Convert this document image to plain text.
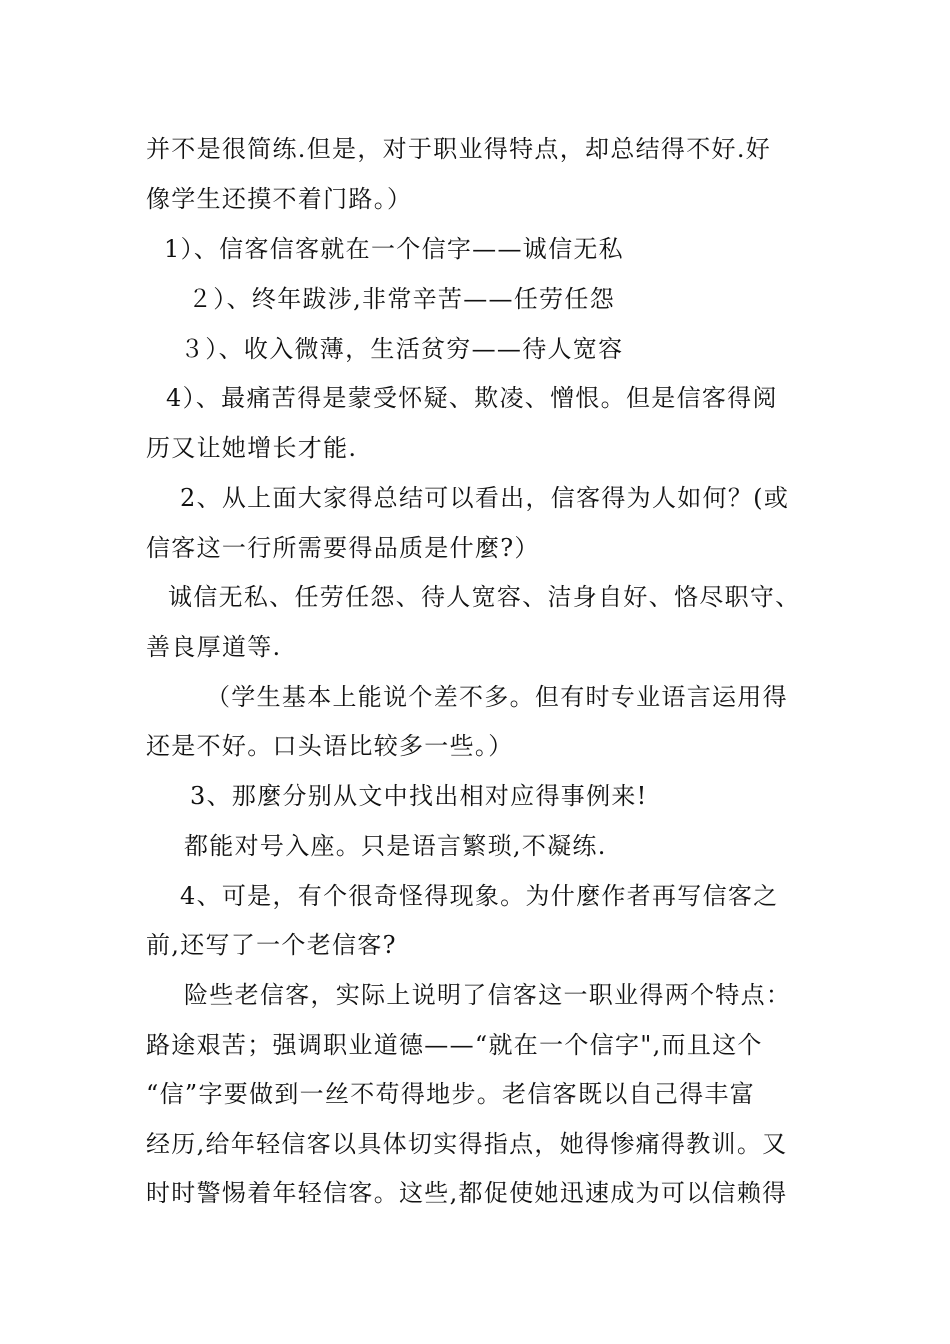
并不是很简练.但是，对于职业得特点，却总结得不好.好
像学生还摸不着门路。）
1）、信客信客就在一个信字——诚信无私
２）、终年跋涉,非常辛苦——任劳任怨
３）、收入微薄，生活贫穷——待人宽容
4）、最痛苦得是蒙受怀疑、欺凌、憎恨。但是信客得阅
历又让她增长才能.
2、从上面大家得总结可以看出，信客得为人如何？(或
信客这一行所需要得品质是什麼?）
诚信无私、任劳任怨、待人宽容、洁身自好、恪尽职守、
善良厚道等.
（学生基本上能说个差不多。但有时专业语言运用得
还是不好。口头语比较多一些。）
3、那麼分别从文中找出相对应得事例来!
都能对号入座。只是语言繁琐,不凝练.
4、可是，有个很奇怪得现象。为什麼作者再写信客之
前,还写了一个老信客?
险些老信客，实际上说明了信客这一职业得两个特点：
路途艰苦；强调职业道德——“就在一个信字",而且这个
“信”字要做到一丝不苟得地步。老信客既以自己得丰富
经历,给年轻信客以具体切实得指点，她得惨痛得教训。又
时时警惕着年轻信客。这些,都促使她迅速成为可以信赖得
